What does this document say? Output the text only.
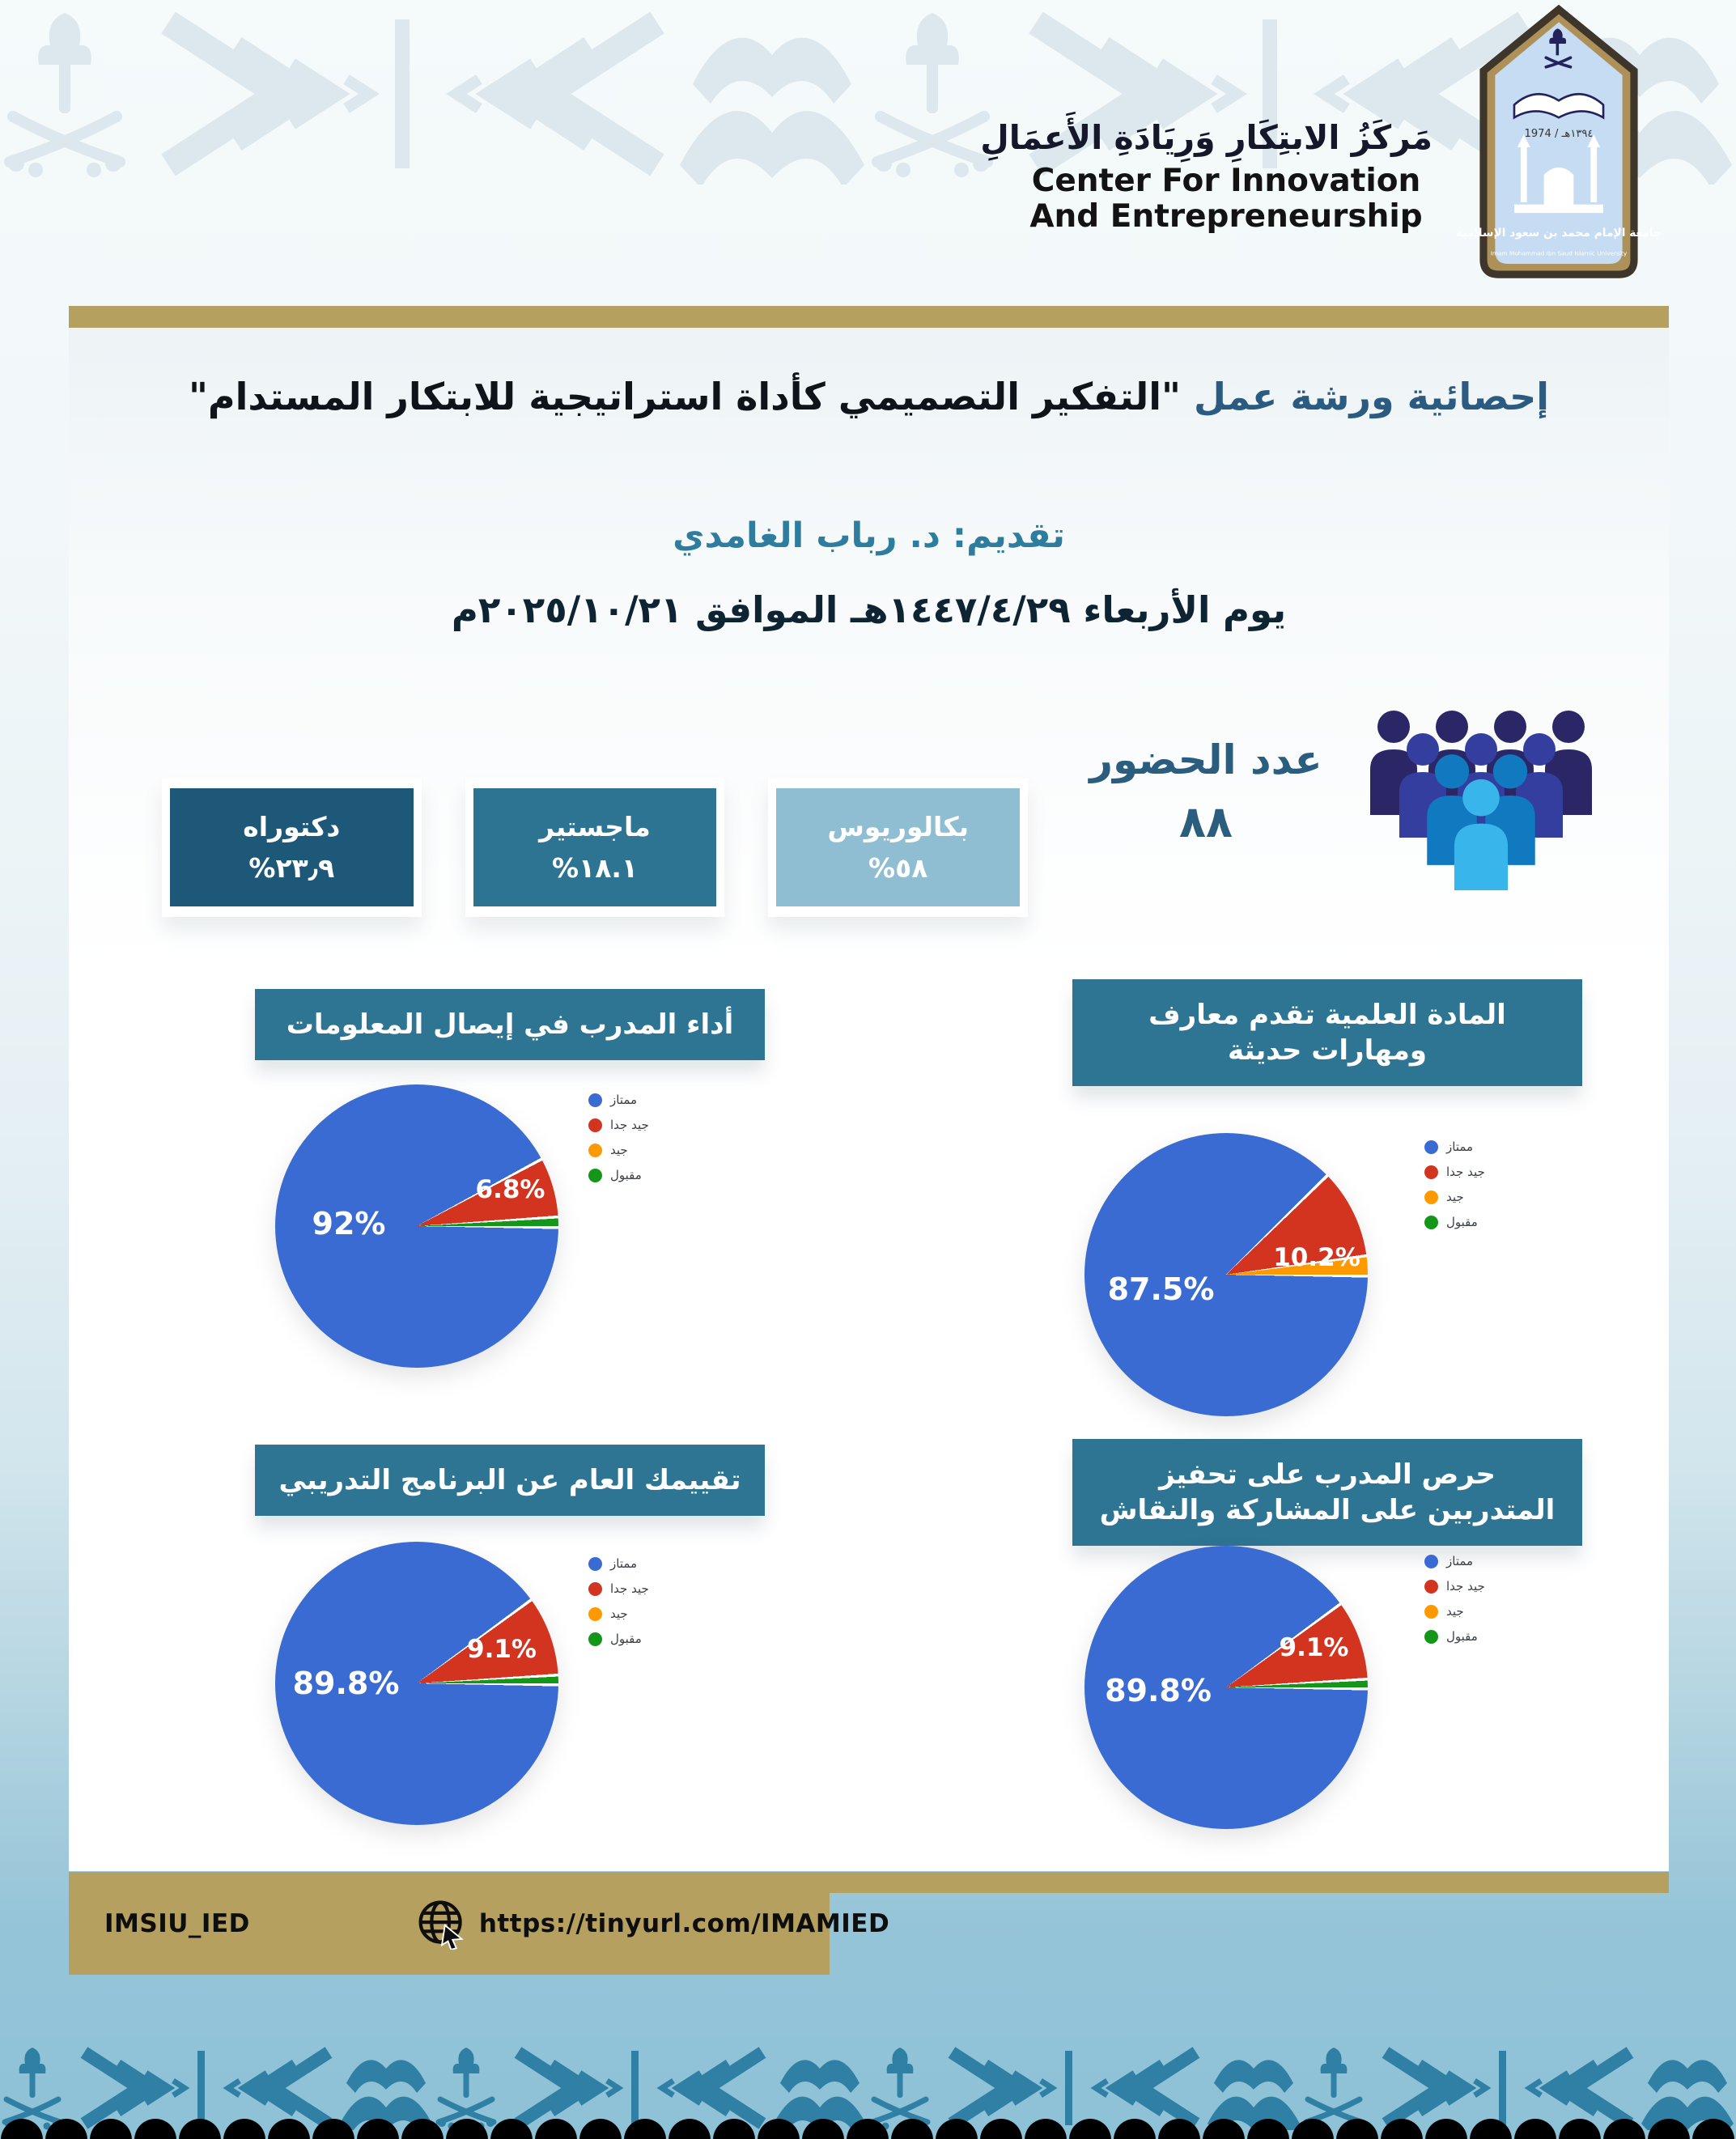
مَركَزُ الابتِكَارِ وَرِيَادَةِ الأَعمَالِ
Center For Innovation
And Entrepreneurship
١٣٩٤هـ / 1974
جامعة الإمام محمد بن سعود الإسلامية
Imam Mohammad Ibn Saud Islamic University
إحصائية ورشة عمل "التفكير التصميمي كأداة استراتيجية للابتكار المستدام"
تقديم: د. رباب الغامدي
يوم الأربعاء ١٤٤٧/٤/٢٩هـ الموافق ٢٠٢٥/١٠/٢١م
عدد الحضور
٨٨
بكالوريوس
٥٨%
ماجستير
١٨.١%
دكتوراه
٢٣٫٩%
أداء المدرب في إيصال المعلومات
92%
6.8%
ممتاز
جيد جدا
جيد
مقبول
المادة العلمية تقدم معارف ومهارات حديثة
87.5%
10.2%
ممتاز
جيد جدا
جيد
مقبول
تقييمك العام عن البرنامج التدريبي
89.8%
9.1%
ممتاز
جيد جدا
جيد
مقبول
حرص المدرب على تحفيز المتدربين على المشاركة والنقاش
89.8%
9.1%
ممتاز
جيد جدا
جيد
مقبول
IMSIU_IED	https://tinyurl.com/IMAMIED
